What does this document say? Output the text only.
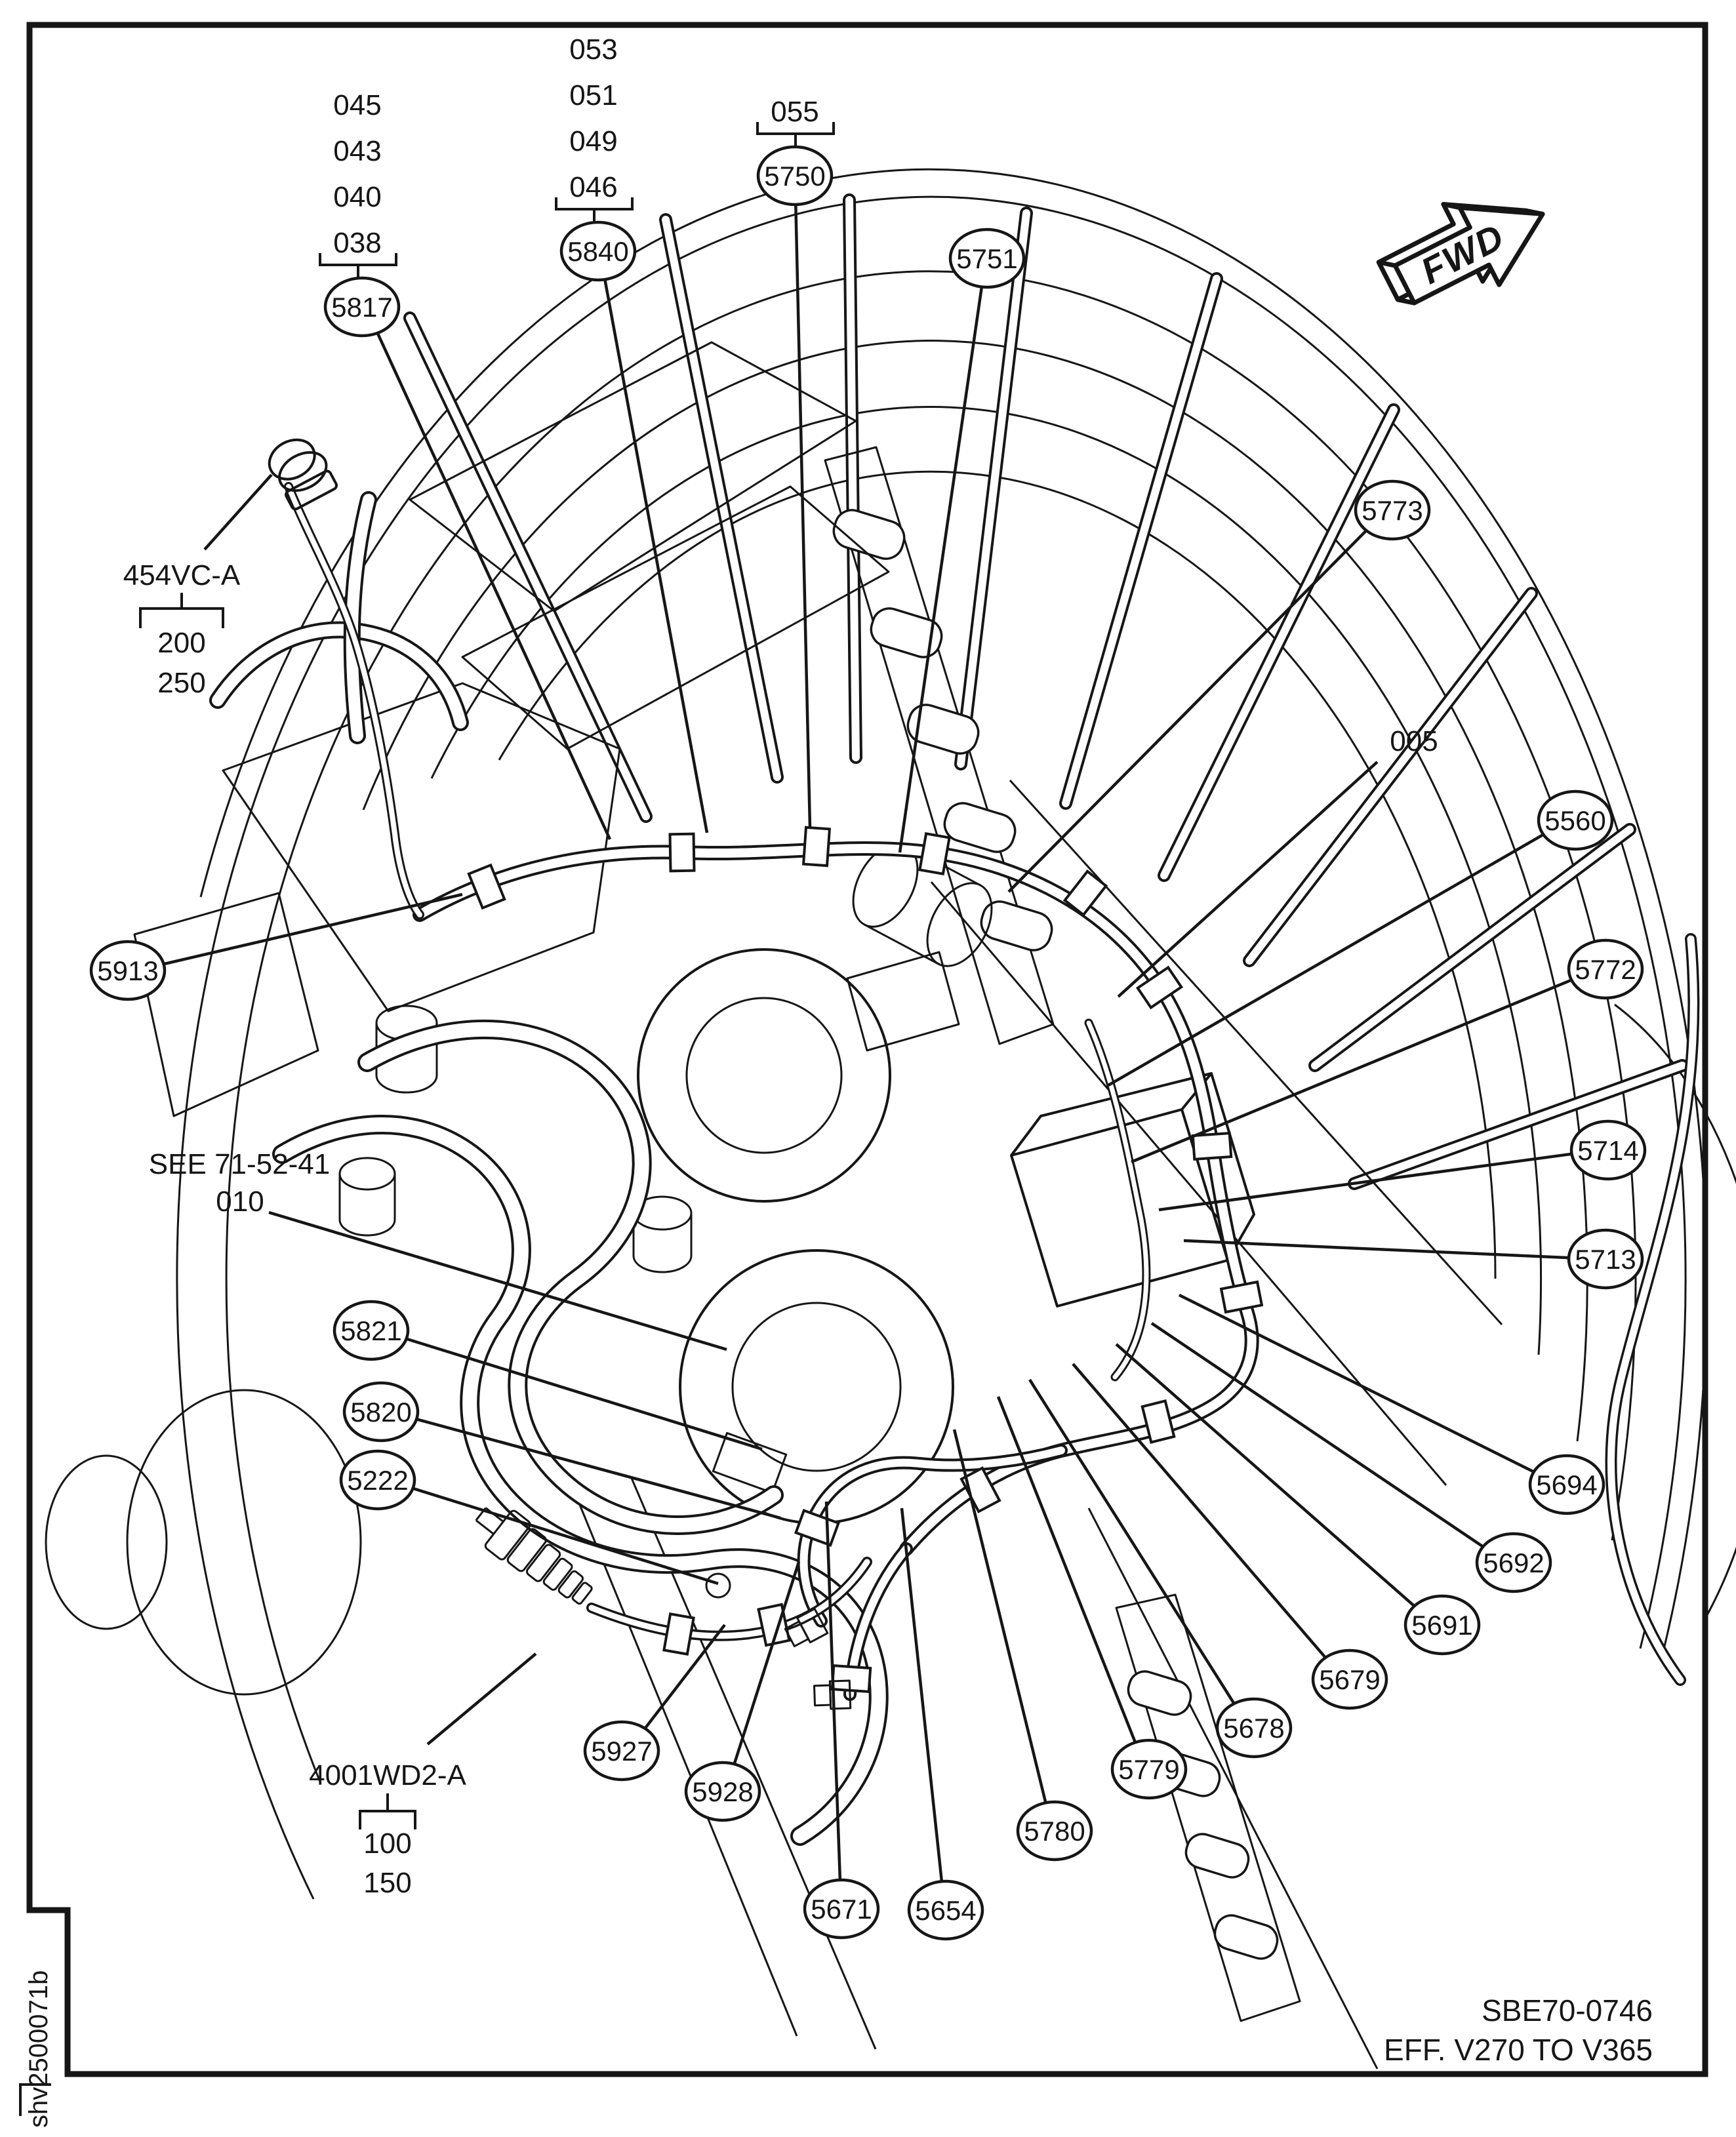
FWD
045 043 040 038
053 051 049 046
055
454VC-A
200
250
4001WD2-A
100
150
5817
5840
5750
5751
5773
5560
5772
5714
5713
5694
5692
5691
5679
5678
5779
5780
5654
5671
5928
5927
5913
5821
5820
5222
SEE 71-52-41
010
005
SBE70-0746
EFF. V270 TO V365
shv2500071b
